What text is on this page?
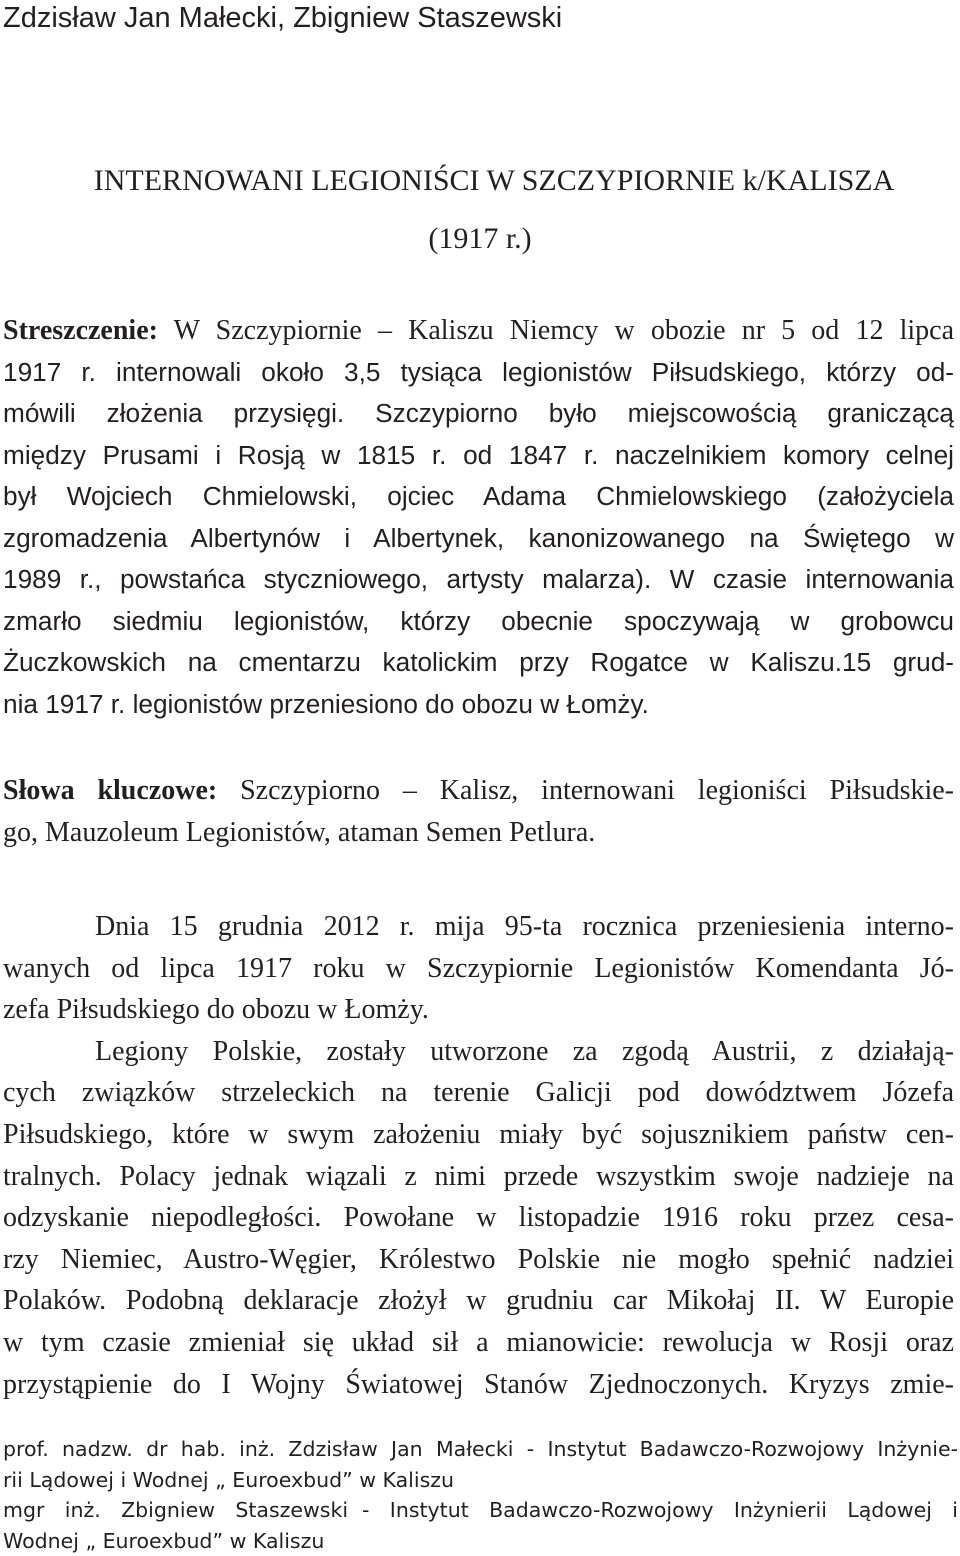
Zdzisław Jan Małecki, Zbigniew Staszewski

INTERNOWANI LEGIONIŚCI W SZCZYPIORNIE k/KALISZA
(1917 r.)
Streszczenie: W Szczypiornie – Kaliszu Niemcy w obozie nr 5 od 12 lipca
1917 r. internowali około 3,5 tysiąca legionistów Piłsudskiego, którzy od-
mówili złożenia przysięgi. Szczypiorno było miejscowością graniczącą
między Prusami i Rosją w 1815 r. od 1847 r. naczelnikiem komory celnej
był Wojciech Chmielowski, ojciec Adama Chmielowskiego (założyciela
zgromadzenia Albertynów i Albertynek, kanonizowanego na Świętego w
1989 r., powstańca styczniowego, artysty malarza). W czasie internowania
zmarło siedmiu legionistów, którzy obecnie spoczywają w grobowcu
Żuczkowskich na cmentarzu katolickim przy Rogatce w Kaliszu.15 grud-
nia 1917 r. legionistów przeniesiono do obozu w Łomży.
Słowa kluczowe: Szczypiorno – Kalisz, internowani legioniści Piłsudskie-
go, Mauzoleum Legionistów, ataman Semen Petlura.
Dnia 15 grudnia 2012 r. mija 95-ta rocznica przeniesienia interno-
wanych od lipca 1917 roku w Szczypiornie Legionistów Komendanta Jó-
zefa Piłsudskiego do obozu w Łomży.
Legiony Polskie, zostały utworzone za zgodą Austrii, z działają-
cych związków strzeleckich na terenie Galicji pod dowództwem Józefa
Piłsudskiego, które w swym założeniu miały być sojusznikiem państw cen-
tralnych. Polacy jednak wiązali z nimi przede wszystkim swoje nadzieje na
odzyskanie niepodległości. Powołane w listopadzie 1916 roku przez cesa-
rzy Niemiec, Austro-Węgier, Królestwo Polskie nie mogło spełnić nadziei
Polaków. Podobną deklaracje złożył w grudniu car Mikołaj II. W Europie
w tym czasie zmieniał się układ sił a mianowicie: rewolucja w Rosji oraz
przystąpienie do I Wojny Światowej Stanów Zjednoczonych. Kryzys zmie-
prof. nadzw. dr hab. inż. Zdzisław Jan Małecki - Instytut Badawczo-Rozwojowy Inżynie-
rii Lądowej i Wodnej „ Euroexbud” w Kaliszu
mgr inż. Zbigniew Staszewski - Instytut Badawczo-Rozwojowy Inżynierii Lądowej i
Wodnej „ Euroexbud” w Kaliszu
